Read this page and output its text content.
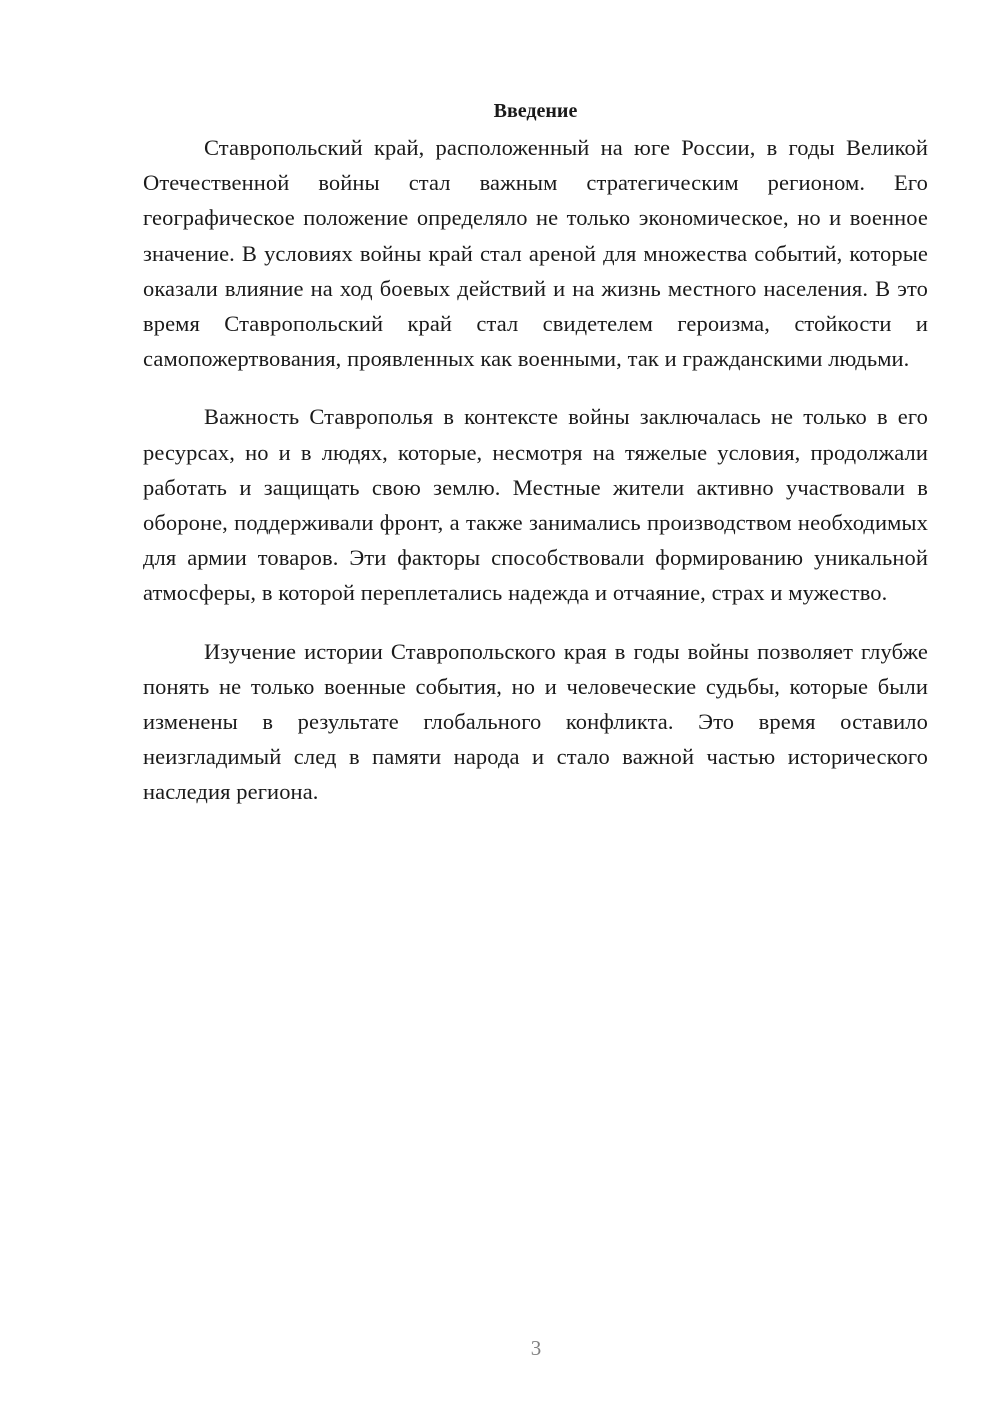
Введение

Ставропольский край, расположенный на юге России, в годы Великой Отечественной войны стал важным стратегическим регионом. Его географическое положение определяло не только экономическое, но и военное значение. В условиях войны край стал ареной для множества событий, которые оказали влияние на ход боевых действий и на жизнь местного населения. В это время Ставропольский край стал свидетелем героизма, стойкости и самопожертвования, проявленных как военными, так и гражданскими людьми.

Важность Ставрополья в контексте войны заключалась не только в его ресурсах, но и в людях, которые, несмотря на тяжелые условия, продолжали работать и защищать свою землю. Местные жители активно участвовали в обороне, поддерживали фронт, а также занимались производством необходимых для армии товаров. Эти факторы способствовали формированию уникальной атмосферы, в которой переплетались надежда и отчаяние, страх и мужество.

Изучение истории Ставропольского края в годы войны позволяет глубже понять не только военные события, но и человеческие судьбы, которые были изменены в результате глобального конфликта. Это время оставило неизгладимый след в памяти народа и стало важной частью исторического наследия региона.

3
